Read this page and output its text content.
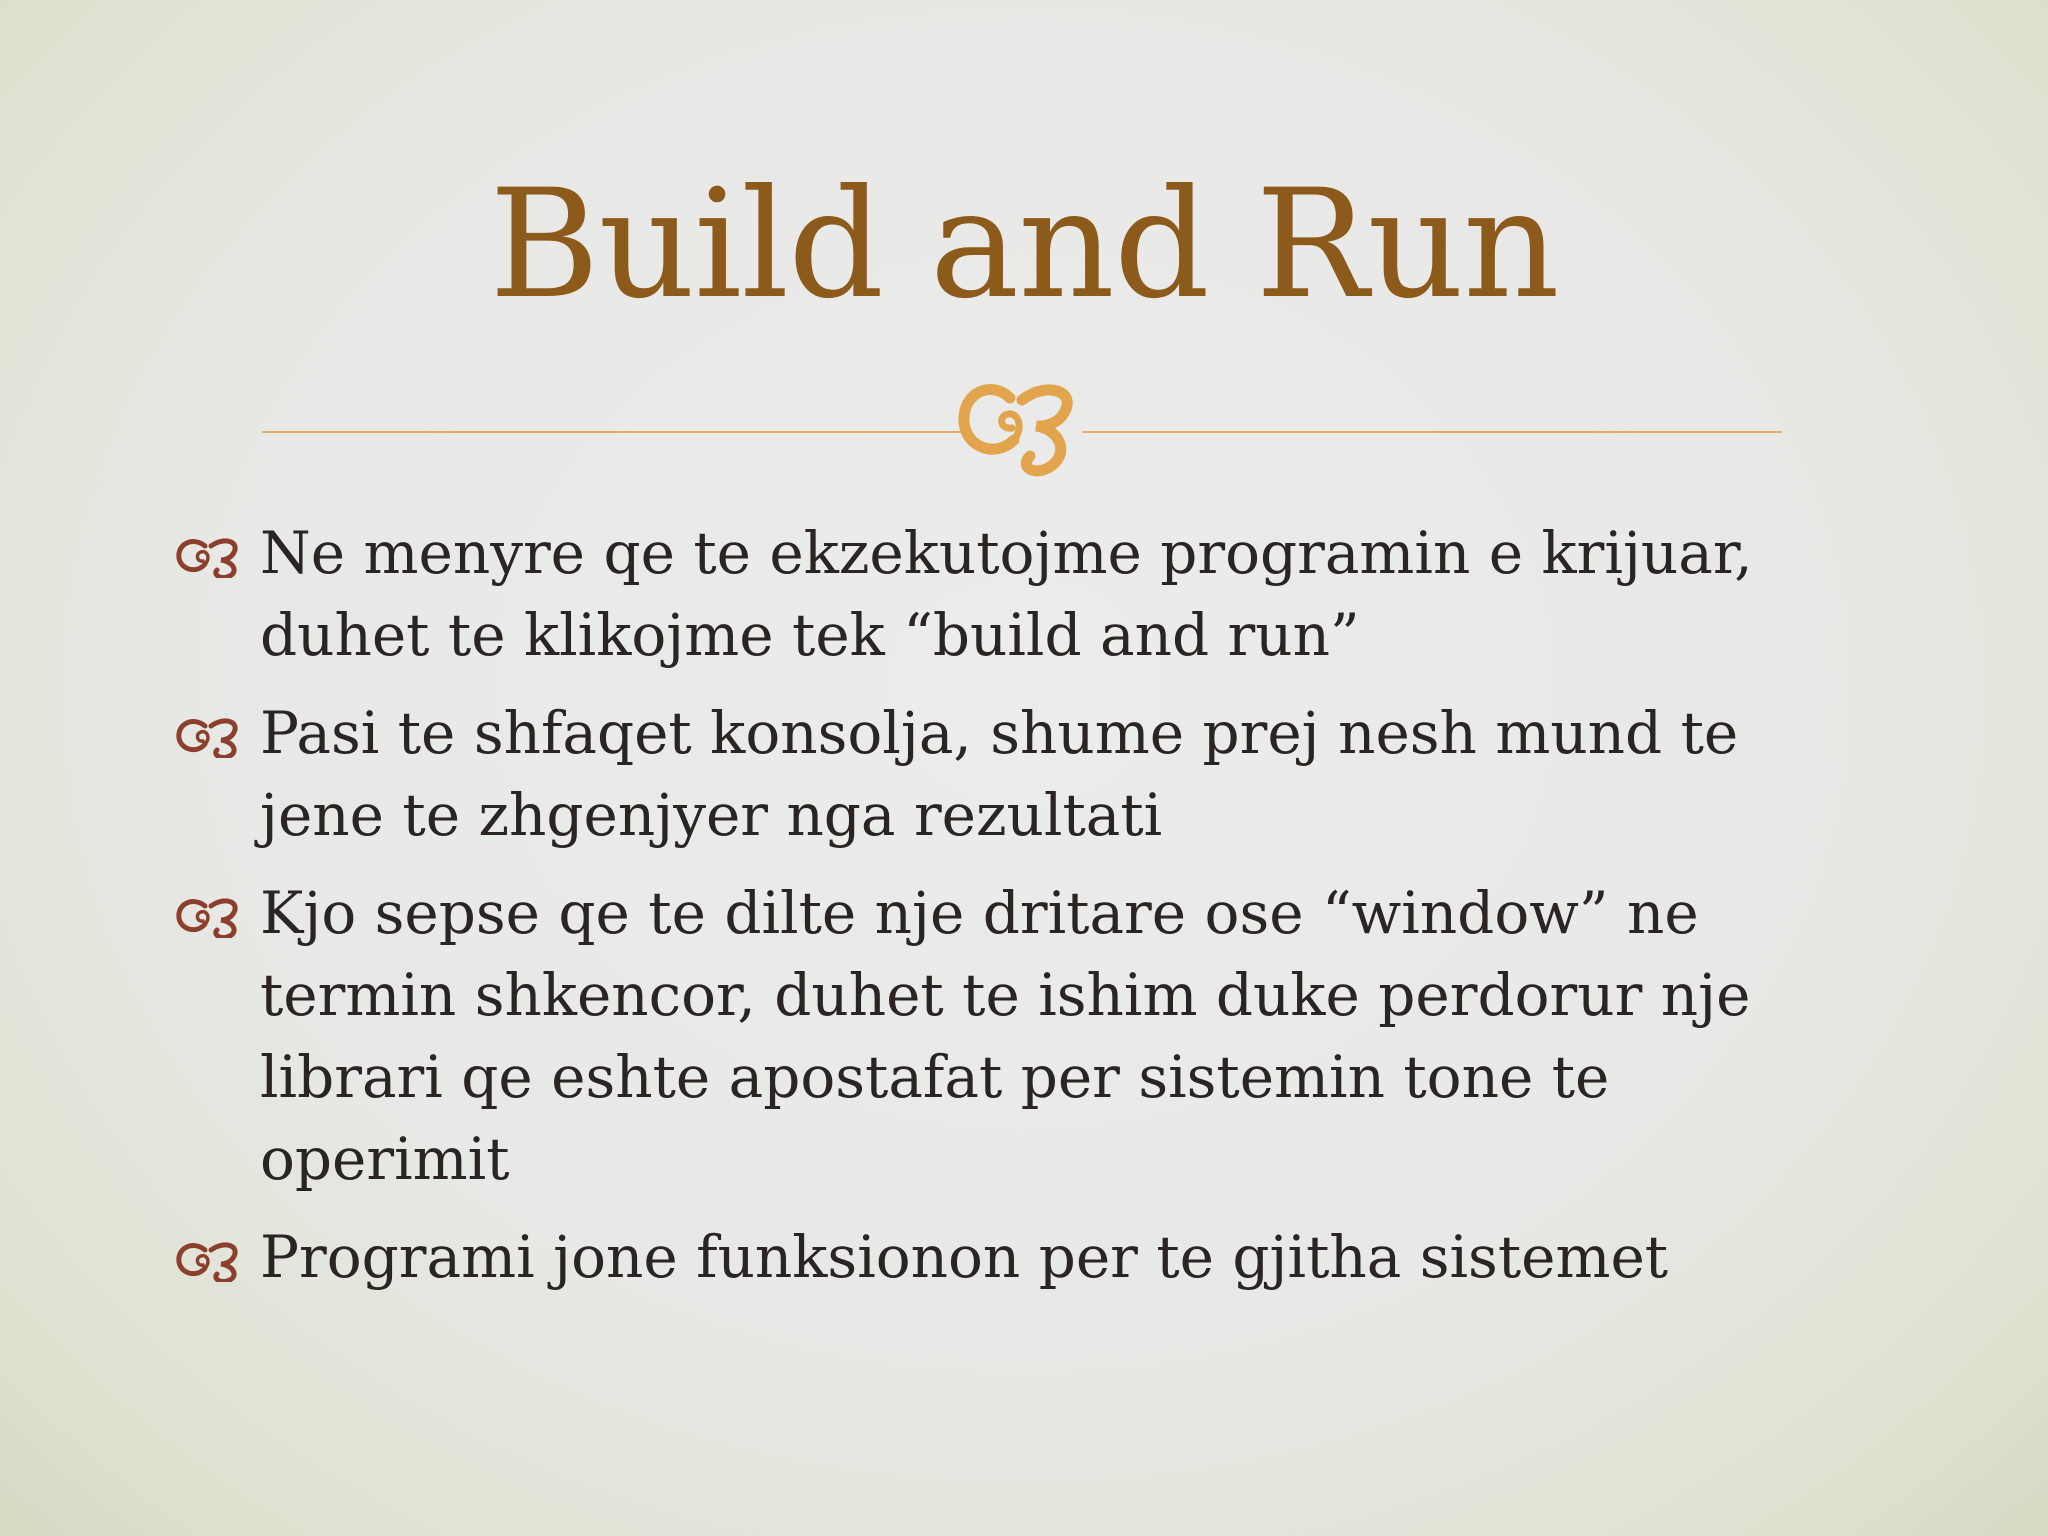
Build and Run
Ne menyre qe te ekzekutojme programin e krijuar, duhet te klikojme tek “build and run”
Pasi te shfaqet konsolja, shume prej nesh mund te jene te zhgenjyer nga rezultati
Kjo sepse qe te dilte nje dritare ose “window” ne termin shkencor, duhet te ishim duke perdorur nje librari qe eshte apostafat per sistemin tone te operimit
Programi jone funksionon per te gjitha sistemet
